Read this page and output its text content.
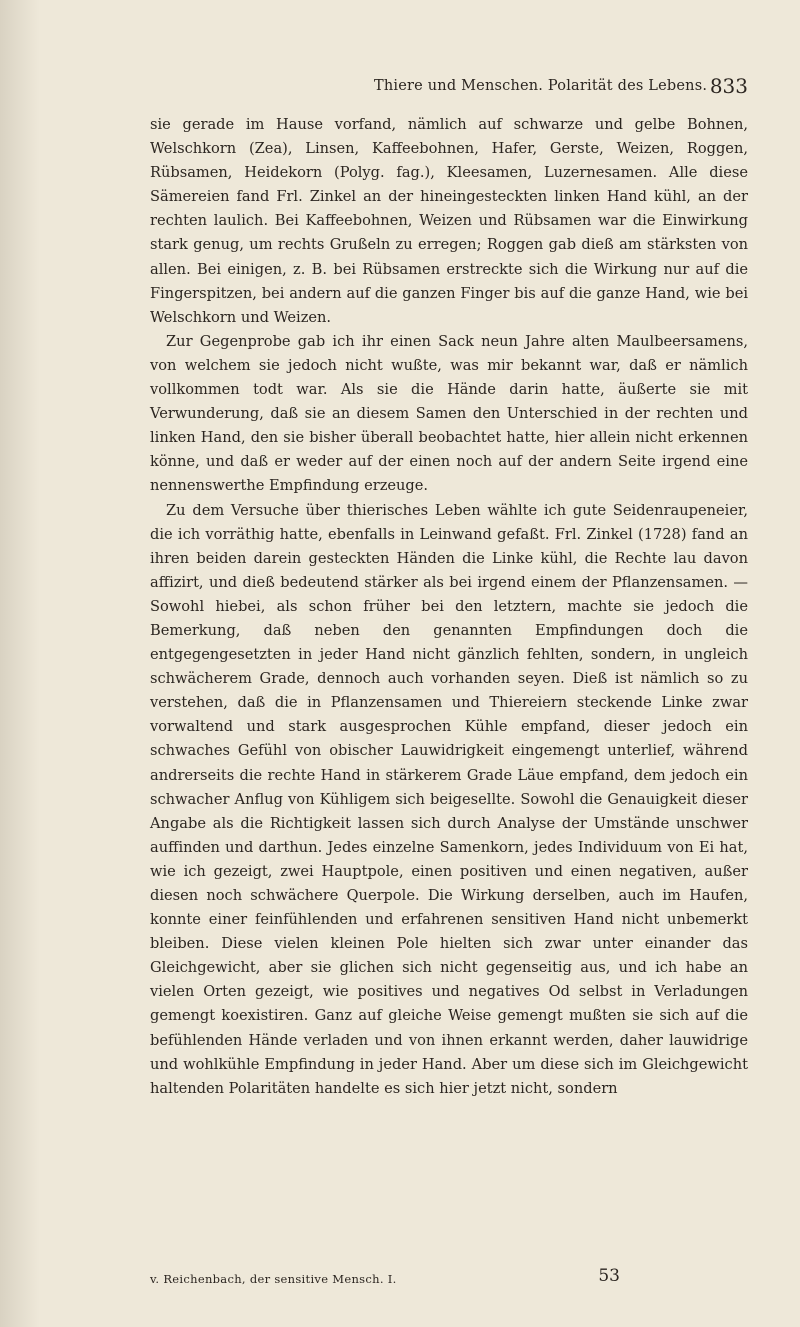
Thiere und Menschen. Polarität des Lebens. 833

sie gerade im Hause vorfand, nämlich auf schwarze und gelbe Bohnen, Welschkorn (Zea), Linsen, Kaffeebohnen, Hafer, Gerste, Weizen, Roggen, Rübsamen, Heidekorn (Polyg. fag.), Kleesamen, Luzernesamen. Alle diese Sämereien fand Frl. Zinkel an der hineingesteckten linken Hand kühl, an der rechten laulich. Bei Kaffeebohnen, Weizen und Rübsamen war die Einwirkung stark genug, um rechts Grußeln zu erregen; Roggen gab dieß am stärksten von allen. Bei einigen, z. B. bei Rübsamen erstreckte sich die Wirkung nur auf die Fingerspitzen, bei andern auf die ganzen Finger bis auf die ganze Hand, wie bei Welschkorn und Weizen.

Zur Gegenprobe gab ich ihr einen Sack neun Jahre alten Maulbeersamens, von welchem sie jedoch nicht wußte, was mir bekannt war, daß er nämlich vollkommen todt war. Als sie die Hände darin hatte, äußerte sie mit Verwunderung, daß sie an diesem Samen den Unterschied in der rechten und linken Hand, den sie bisher überall beobachtet hatte, hier allein nicht erkennen könne, und daß er weder auf der einen noch auf der andern Seite irgend eine nennenswerthe Empfindung erzeuge.

Zu dem Versuche über thierisches Leben wählte ich gute Seidenraupeneier, die ich vorräthig hatte, ebenfalls in Leinwand gefaßt. Frl. Zinkel (1728) fand an ihren beiden darein gesteckten Händen die Linke kühl, die Rechte lau davon affizirt, und dieß bedeutend stärker als bei irgend einem der Pflanzensamen. — Sowohl hiebei, als schon früher bei den letztern, machte sie jedoch die Bemerkung, daß neben den genannten Empfindungen doch die entgegengesetzten in jeder Hand nicht gänzlich fehlten, sondern, in ungleich schwächerem Grade, dennoch auch vorhanden seyen. Dieß ist nämlich so zu verstehen, daß die in Pflanzensamen und Thiereiern steckende Linke zwar vorwaltend und stark ausgesprochen Kühle empfand, dieser jedoch ein schwaches Gefühl von obischer Lauwidrigkeit eingemengt unterlief, während andrerseits die rechte Hand in stärkerem Grade Läue empfand, dem jedoch ein schwacher Anflug von Kühligem sich beigesellte. Sowohl die Genauigkeit dieser Angabe als die Richtigkeit lassen sich durch Analyse der Umstände unschwer auffinden und darthun. Jedes einzelne Samenkorn, jedes Individuum von Ei hat, wie ich gezeigt, zwei Hauptpole, einen positiven und einen negativen, außer diesen noch schwächere Querpole. Die Wirkung derselben, auch im Haufen, konnte einer feinfühlenden und erfahrenen sensitiven Hand nicht unbemerkt bleiben. Diese vielen kleinen Pole hielten sich zwar unter einander das Gleichgewicht, aber sie glichen sich nicht gegenseitig aus, und ich habe an vielen Orten gezeigt, wie positives und negatives Od selbst in Verladungen gemengt koexistiren. Ganz auf gleiche Weise gemengt mußten sie sich auf die befühlenden Hände verladen und von ihnen erkannt werden, daher lauwidrige und wohlkühle Empfindung in jeder Hand. Aber um diese sich im Gleichgewicht haltenden Polaritäten handelte es sich hier jetzt nicht, sondern

v. Reichenbach, der sensitive Mensch. I.	53
